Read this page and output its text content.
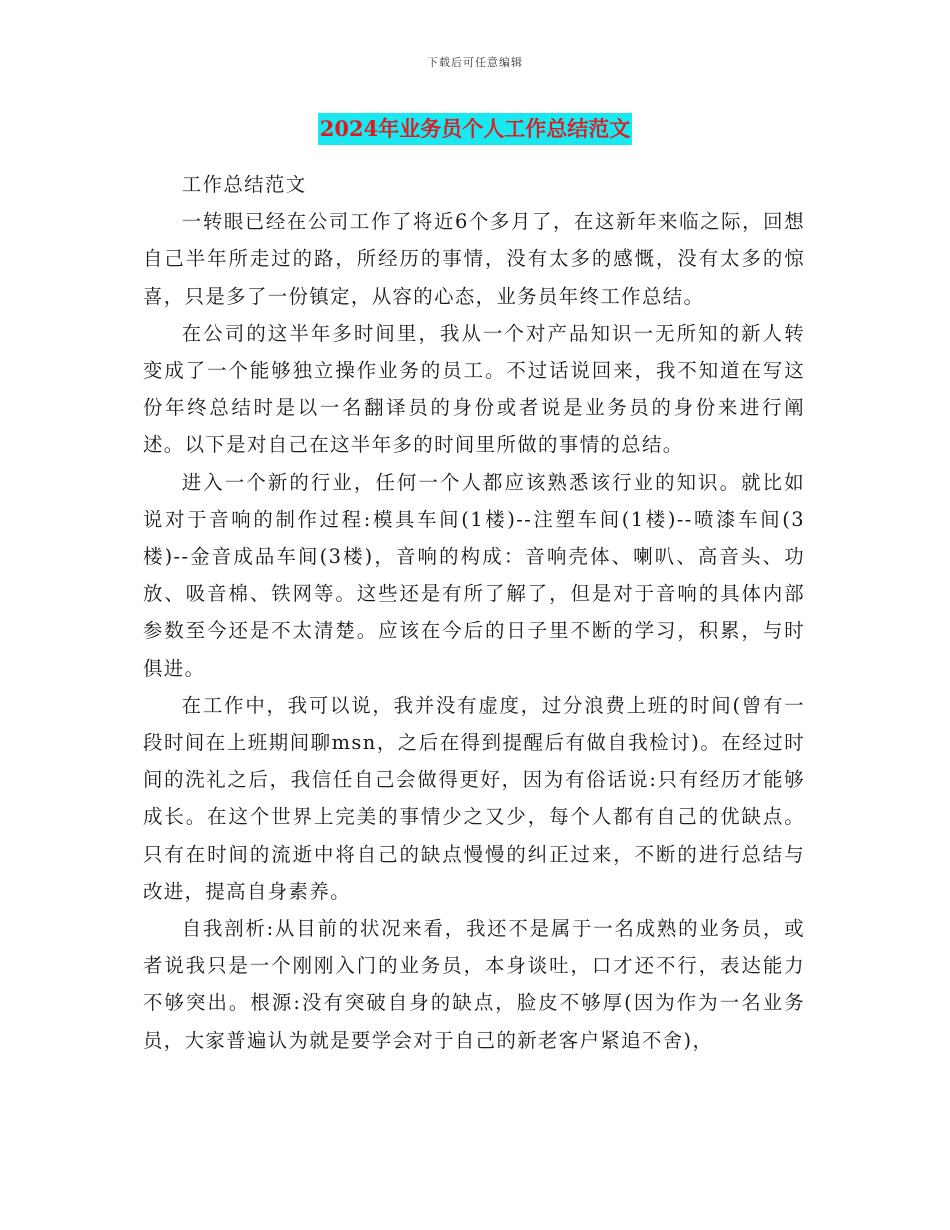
下载后可任意编辑
2024年业务员个人工作总结范文

工作总结范文

一转眼已经在公司工作了将近6个多月了，在这新年来临之际，回想自己半年所走过的路，所经历的事情，没有太多的感慨，没有太多的惊喜，只是多了一份镇定，从容的心态，业务员年终工作总结。

在公司的这半年多时间里，我从一个对产品知识一无所知的新人转变成了一个能够独立操作业务的员工。不过话说回来，我不知道在写这份年终总结时是以一名翻译员的身份或者说是业务员的身份来进行阐述。以下是对自己在这半年多的时间里所做的事情的总结。

进入一个新的行业，任何一个人都应该熟悉该行业的知识。就比如说对于音响的制作过程:模具车间(1楼)--注塑车间(1楼)--喷漆车间(3楼)--金音成品车间(3楼)，音响的构成：音响壳体、喇叭、高音头、功放、吸音棉、铁网等。这些还是有所了解了，但是对于音响的具体内部参数至今还是不太清楚。应该在今后的日子里不断的学习，积累，与时俱进。

在工作中，我可以说，我并没有虚度，过分浪费上班的时间(曾有一段时间在上班期间聊msn，之后在得到提醒后有做自我检讨)。在经过时间的洗礼之后，我信任自己会做得更好，因为有俗话说:只有经历才能够成长。在这个世界上完美的事情少之又少，每个人都有自己的优缺点。只有在时间的流逝中将自己的缺点慢慢的纠正过来，不断的进行总结与改进，提高自身素养。

自我剖析:从目前的状况来看，我还不是属于一名成熟的业务员，或者说我只是一个刚刚入门的业务员，本身谈吐，口才还不行，表达能力不够突出。根源:没有突破自身的缺点，脸皮不够厚(因为作为一名业务员，大家普遍认为就是要学会对于自己的新老客户紧追不舍)，
